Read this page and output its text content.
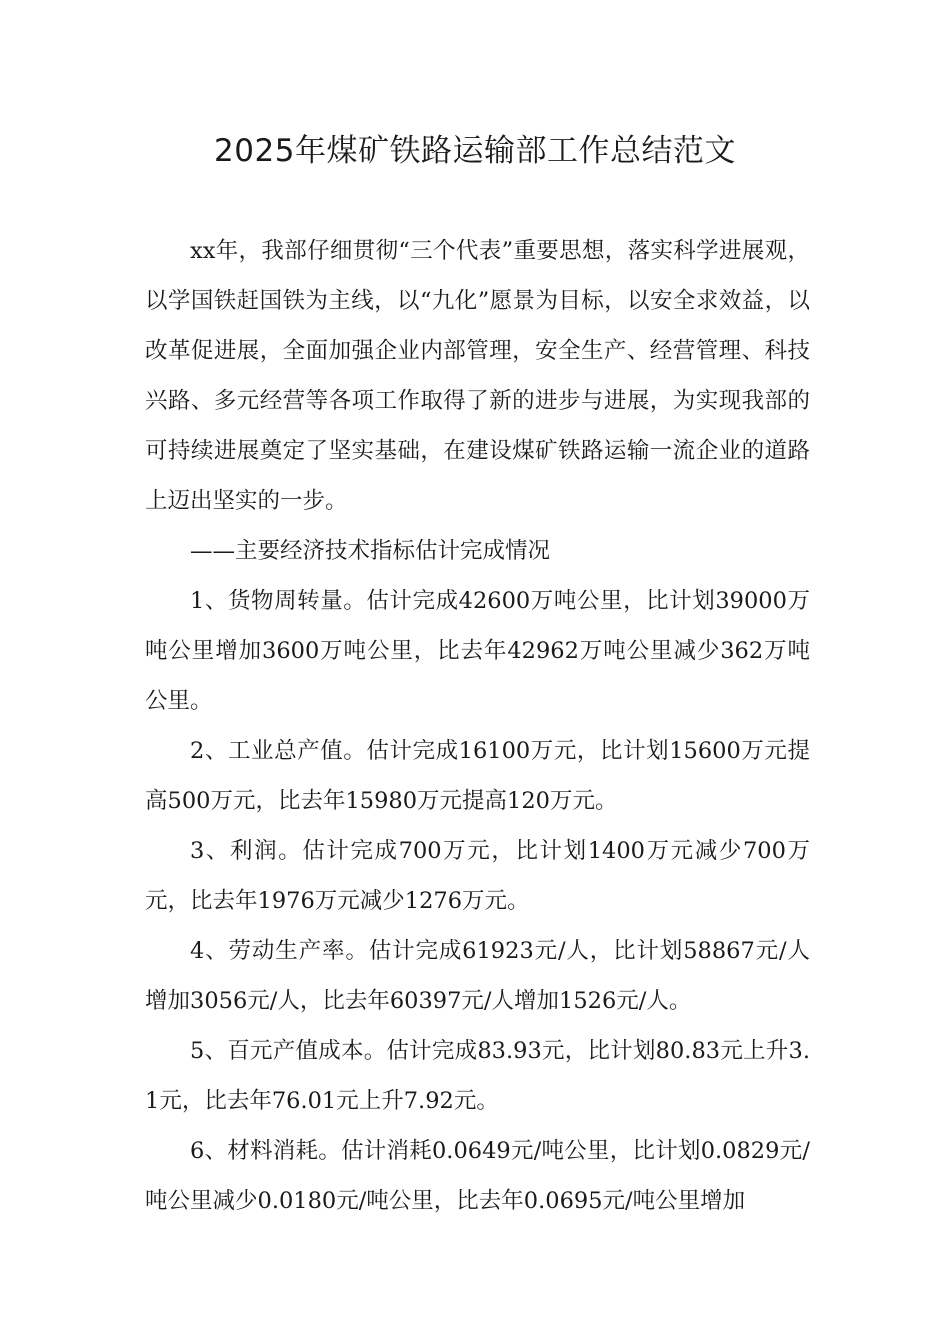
2025年煤矿铁路运输部工作总结范文

xx年，我部仔细贯彻“三个代表”重要思想，落实科学进展观，以学国铁赶国铁为主线，以“九化”愿景为目标，以安全求效益，以改革促进展，全面加强企业内部管理，安全生产、经营管理、科技兴路、多元经营等各项工作取得了新的进步与进展，为实现我部的可持续进展奠定了坚实基础，在建设煤矿铁路运输一流企业的道路上迈出坚实的一步。

——主要经济技术指标估计完成情况

1、货物周转量。估计完成42600万吨公里，比计划39000万吨公里增加3600万吨公里，比去年42962万吨公里减少362万吨公里。

2、工业总产值。估计完成16100万元，比计划15600万元提高500万元，比去年15980万元提高120万元。

3、利润。估计完成700万元，比计划1400万元减少700万元，比去年1976万元减少1276万元。

4、劳动生产率。估计完成61923元/人，比计划58867元/人增加3056元/人，比去年60397元/人增加1526元/人。

5、百元产值成本。估计完成83.93元，比计划80.83元上升3.1元，比去年76.01元上升7.92元。

6、材料消耗。估计消耗0.0649元/吨公里，比计划0.0829元/吨公里减少0.0180元/吨公里，比去年0.0695元/吨公里增加
